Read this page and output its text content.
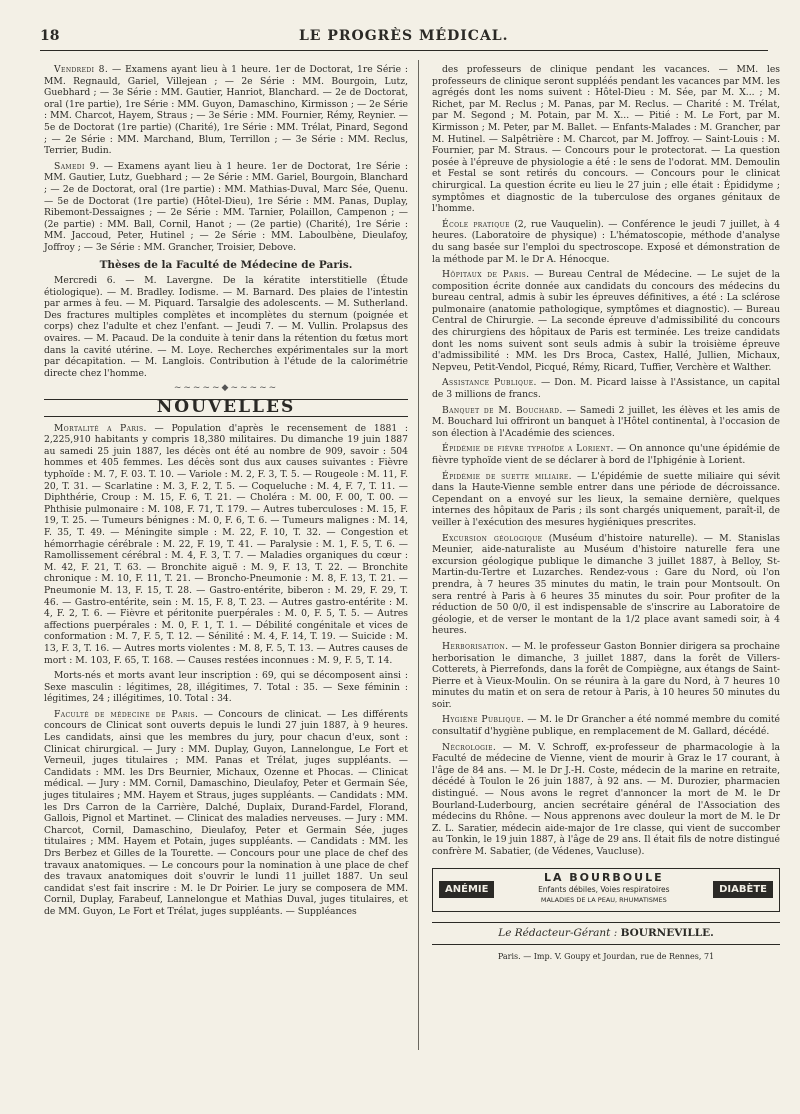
18	LE PROGRÈS MÉDICAL.

Vendredi 8. — Examens ayant lieu à 1 heure. 1er de Doctorat, 1re Série : MM. Regnauld, Gariel, Villejean ; — 2e Série : MM. Bourgoin, Lutz, Guebhard ; — 3e Série : MM. Gautier, Hanriot, Blanchard. — 2e de Doctorat, oral (1re partie), 1re Série : MM. Guyon, Damaschino, Kirmisson ; — 2e Série : MM. Charcot, Hayem, Straus ; — 3e Série : MM. Fournier, Rémy, Reynier. — 5e de Doctorat (1re partie) (Charité), 1re Série : MM. Trélat, Pinard, Segond ; — 2e Série : MM. Marchand, Blum, Terrillon ; — 3e Série : MM. Reclus, Terrier, Budin.

Samedi 9. — Examens ayant lieu à 1 heure. 1er de Doctorat, 1re Série : MM. Gautier, Lutz, Guebhard ; — 2e Série : MM. Gariel, Bourgoin, Blanchard ; — 2e de Doctorat, oral (1re partie) : MM. Mathias-Duval, Marc Sée, Quenu. — 5e de Doctorat (1re partie) (Hôtel-Dieu), 1re Série : MM. Panas, Duplay, Ribemont-Dessaignes ; — 2e Série : MM. Tarnier, Polaillon, Campenon ; — (2e partie) : MM. Ball, Cornil, Hanot ; — (2e partie) (Charité), 1re Série : MM. Jaccoud, Peter, Hutinel ; — 2e Série : MM. Laboulbène, Dieulafoy, Joffroy ; — 3e Série : MM. Grancher, Troisier, Debove.

Thèses de la Faculté de Médecine de Paris.

Mercredi 6. — M. Lavergne. De la kératite interstitielle (Étude étiologique). — M. Bradley. Iodisme. — M. Barnard. Des plaies de l'intestin par armes à feu. — M. Piquard. Tarsalgie des adolescents. — M. Sutherland. Des fractures multiples complètes et incomplètes du sternum (poignée et corps) chez l'adulte et chez l'enfant. — Jeudi 7. — M. Vullin. Prolapsus des ovaires. — M. Pacaud. De la conduite à tenir dans la rétention du fœtus mort dans la cavité utérine. — M. Loye. Recherches expérimentales sur la mort par décapitation. — M. Langlois. Contribution à l'étude de la calorimétrie directe chez l'homme.

~~~~~◆~~~~~
NOUVELLES

Mortalité a Paris. — Population d'après le recensement de 1881 : 2,225,910 habitants y compris 18,380 militaires. Du dimanche 19 juin 1887 au samedi 25 juin 1887, les décès ont été au nombre de 909, savoir : 504 hommes et 405 femmes. Les décès sont dus aux causes suivantes : Fièvre typhoïde : M. 7, F. 03. T. 10. — Variole : M. 2, F. 3, T. 5. — Rougeole : M. 11, F. 20, T. 31. — Scarlatine : M. 3, F. 2, T. 5. — Coqueluche : M. 4, F. 7, T. 11. — Diphthérie, Croup : M. 15, F. 6, T. 21. — Choléra : M. 00, F. 00, T. 00. — Phthisie pulmonaire : M. 108, F. 71, T. 179. — Autres tuberculoses : M. 15, F. 19, T. 25. — Tumeurs bénignes : M. 0, F. 6, T. 6. — Tumeurs malignes : M. 14, F. 35, T. 49. — Méningite simple : M. 22, F. 10, T. 32. — Congestion et hémorrhagie cérébrale : M. 22, F. 19, T. 41. — Paralysie : M. 1, F. 5, T. 6. — Ramollissement cérébral : M. 4, F. 3, T. 7. — Maladies organiques du cœur : M. 42, F. 21, T. 63. — Bronchite aiguë : M. 9, F. 13, T. 22. — Bronchite chronique : M. 10, F. 11, T. 21. — Broncho-Pneumonie : M. 8, F. 13, T. 21. — Pneumonie M. 13, F. 15, T. 28. — Gastro-entérite, biberon : M. 29, F. 29, T. 46. — Gastro-entérite, sein : M. 15, F. 8, T. 23. — Autres gastro-entérite : M. 4, F. 2, T. 6. — Fièvre et péritonite puerpérales : M. 0, F. 5, T. 5. — Autres affections puerpérales : M. 0, F. 1, T. 1. — Débilité congénitale et vices de conformation : M. 7, F. 5, T. 12. — Sénilité : M. 4, F. 14, T. 19. — Suicide : M. 13, F. 3, T. 16. — Autres morts violentes : M. 8, F. 5, T. 13. — Autres causes de mort : M. 103, F. 65, T. 168. — Causes restées inconnues : M. 9, F. 5, T. 14.

Morts-nés et morts avant leur inscription : 69, qui se décomposent ainsi : Sexe masculin : légitimes, 28, illégitimes, 7. Total : 35. — Sexe féminin : légitimes, 24 ; illégitimes, 10. Total : 34.

Faculté de médecine de Paris. — Concours de clinicat. — Les différents concours de Clinicat sont ouverts depuis le lundi 27 juin 1887, à 9 heures. Les candidats, ainsi que les membres du jury, pour chacun d'eux, sont : Clinicat chirurgical. — Jury : MM. Duplay, Guyon, Lannelongue, Le Fort et Verneuil, juges titulaires ; MM. Panas et Trélat, juges suppléants. — Candidats : MM. les Drs Beurnier, Michaux, Ozenne et Phocas. — Clinicat médical. — Jury : MM. Cornil, Damaschino, Dieulafoy, Peter et Germain Sée, juges titulaires ; MM. Hayem et Straus, juges suppléants. — Candidats : MM. les Drs Carron de la Carrière, Dalché, Duplaix, Durand-Fardel, Florand, Gallois, Pignol et Martinet. — Clinicat des maladies nerveuses. — Jury : MM. Charcot, Cornil, Damaschino, Dieulafoy, Peter et Germain Sée, juges titulaires ; MM. Hayem et Potain, juges suppléants. — Candidats : MM. les Drs Berbez et Gilles de la Tourette. — Concours pour une place de chef des travaux anatomiques. — Le concours pour la nomination à une place de chef des travaux anatomiques doit s'ouvrir le lundi 11 juillet 1887. Un seul candidat s'est fait inscrire : M. le Dr Poirier. Le jury se composera de MM. Cornil, Duplay, Farabeuf, Lannelongue et Mathias Duval, juges titulaires, et de MM. Guyon, Le Fort et Trélat, juges suppléants. — Suppléances

des professeurs de clinique pendant les vacances. — MM. les professeurs de clinique seront suppléés pendant les vacances par MM. les agrégés dont les noms suivent : Hôtel-Dieu : M. Sée, par M. X... ; M. Richet, par M. Reclus ; M. Panas, par M. Reclus. — Charité : M. Trélat, par M. Segond ; M. Potain, par M. X... — Pitié : M. Le Fort, par M. Kirmisson ; M. Peter, par M. Ballet. — Enfants-Malades : M. Grancher, par M. Hutinel. — Salpêtrière : M. Charcot, par M. Joffroy. — Saint-Louis : M. Fournier, par M. Straus. — Concours pour le protectorat. — La question posée à l'épreuve de physiologie a été : le sens de l'odorat. MM. Demoulin et Festal se sont retirés du concours. — Concours pour le clinicat chirurgical. La question écrite eu lieu le 27 juin ; elle était : Épididyme ; symptômes et diagnostic de la tuberculose des organes génitaux de l'homme.

École pratique (2, rue Vauquelin). — Conférence le jeudi 7 juillet, à 4 heures. (Laboratoire de physique) : L'hématoscopie, méthode d'analyse du sang basée sur l'emploi du spectroscope. Exposé et démonstration de la méthode par M. le Dr A. Hénocque.

Hôpitaux de Paris. — Bureau Central de Médecine. — Le sujet de la composition écrite donnée aux candidats du concours des médecins du bureau central, admis à subir les épreuves définitives, a été : La sclérose pulmonaire (anatomie pathologique, symptômes et diagnostic). — Bureau Central de Chirurgie. — La seconde épreuve d'admissibilité du concours des chirurgiens des hôpitaux de Paris est terminée. Les treize candidats dont les noms suivent sont seuls admis à subir la troisième épreuve d'admissibilité : MM. les Drs Broca, Castex, Hallé, Jullien, Michaux, Nepveu, Petit-Vendol, Picqué, Rémy, Ricard, Tuffier, Verchère et Walther.

Assistance Publique. — Don. M. Picard laisse à l'Assistance, un capital de 3 millions de francs.

Banquet de M. Bouchard. — Samedi 2 juillet, les élèves et les amis de M. Bouchard lui offriront un banquet à l'Hôtel continental, à l'occasion de son élection à l'Académie des sciences.

Épidémie de fièvre typhoïde a Lorient. — On annonce qu'une épidémie de fièvre typhoïde vient de se déclarer à bord de l'Iphigénie à Lorient.

Épidémie de suette miliaire. — L'épidémie de suette miliaire qui sévit dans la Haute-Vienne semble entrer dans une période de décroissance. Cependant on a envoyé sur les lieux, la semaine dernière, quelques internes des hôpitaux de Paris ; ils sont chargés uniquement, paraît-il, de veiller à l'exécution des mesures hygiéniques prescrites.

Excursion géologique (Muséum d'histoire naturelle). — M. Stanislas Meunier, aide-naturaliste au Muséum d'histoire naturelle fera une excursion géologique publique le dimanche 3 juillet 1887, à Belloy, St-Martin-du-Tertre et Luzarches. Rendez-vous : Gare du Nord, où l'on prendra, à 7 heures 35 minutes du matin, le train pour Montsoult. On sera rentré à Paris à 6 heures 35 minutes du soir. Pour profiter de la réduction de 50 0/0, il est indispensable de s'inscrire au Laboratoire de géologie, et de verser le montant de la 1/2 place avant samedi soir, à 4 heures.

Herborisation. — M. le professeur Gaston Bonnier dirigera sa prochaine herborisation le dimanche, 3 juillet 1887, dans la forêt de Villers-Cotterets, à Pierrefonds, dans la forêt de Compiègne, aux étangs de Saint-Pierre et à Vieux-Moulin. On se réunira à la gare du Nord, à 7 heures 10 minutes du matin et on sera de retour à Paris, à 10 heures 50 minutes du soir.

Hygiène Publique. — M. le Dr Grancher a été nommé membre du comité consultatif d'hygiène publique, en remplacement de M. Gallard, décédé.

Nécrologie. — M. V. Schroff, ex-professeur de pharmacologie à la Faculté de médecine de Vienne, vient de mourir à Graz le 17 courant, à l'âge de 84 ans. — M. le Dr J.-H. Coste, médecin de la marine en retraite, décédé à Toulon le 26 juin 1887, à 92 ans. — M. Durozier, pharmacien distingué. — Nous avons le regret d'annoncer la mort de M. le Dr Bourland-Luderbourg, ancien secrétaire général de l'Association des médecins du Rhône. — Nous apprenons avec douleur la mort de M. le Dr Z. L. Saratier, médecin aide-major de 1re classe, qui vient de succomber au Tonkin, le 19 juin 1887, à l'âge de 29 ans. Il était fils de notre distingué confrère M. Sabatier, (de Védenes, Vaucluse).

ANÉMIE
LA BOURBOULE
Enfants débiles, Voies respiratoires
MALADIES DE LA PEAU, RHUMATISMES
DIABÈTE
Le Rédacteur-Gérant : BOURNEVILLE.
Paris. — Imp. V. Goupy et Jourdan, rue de Rennes, 71
